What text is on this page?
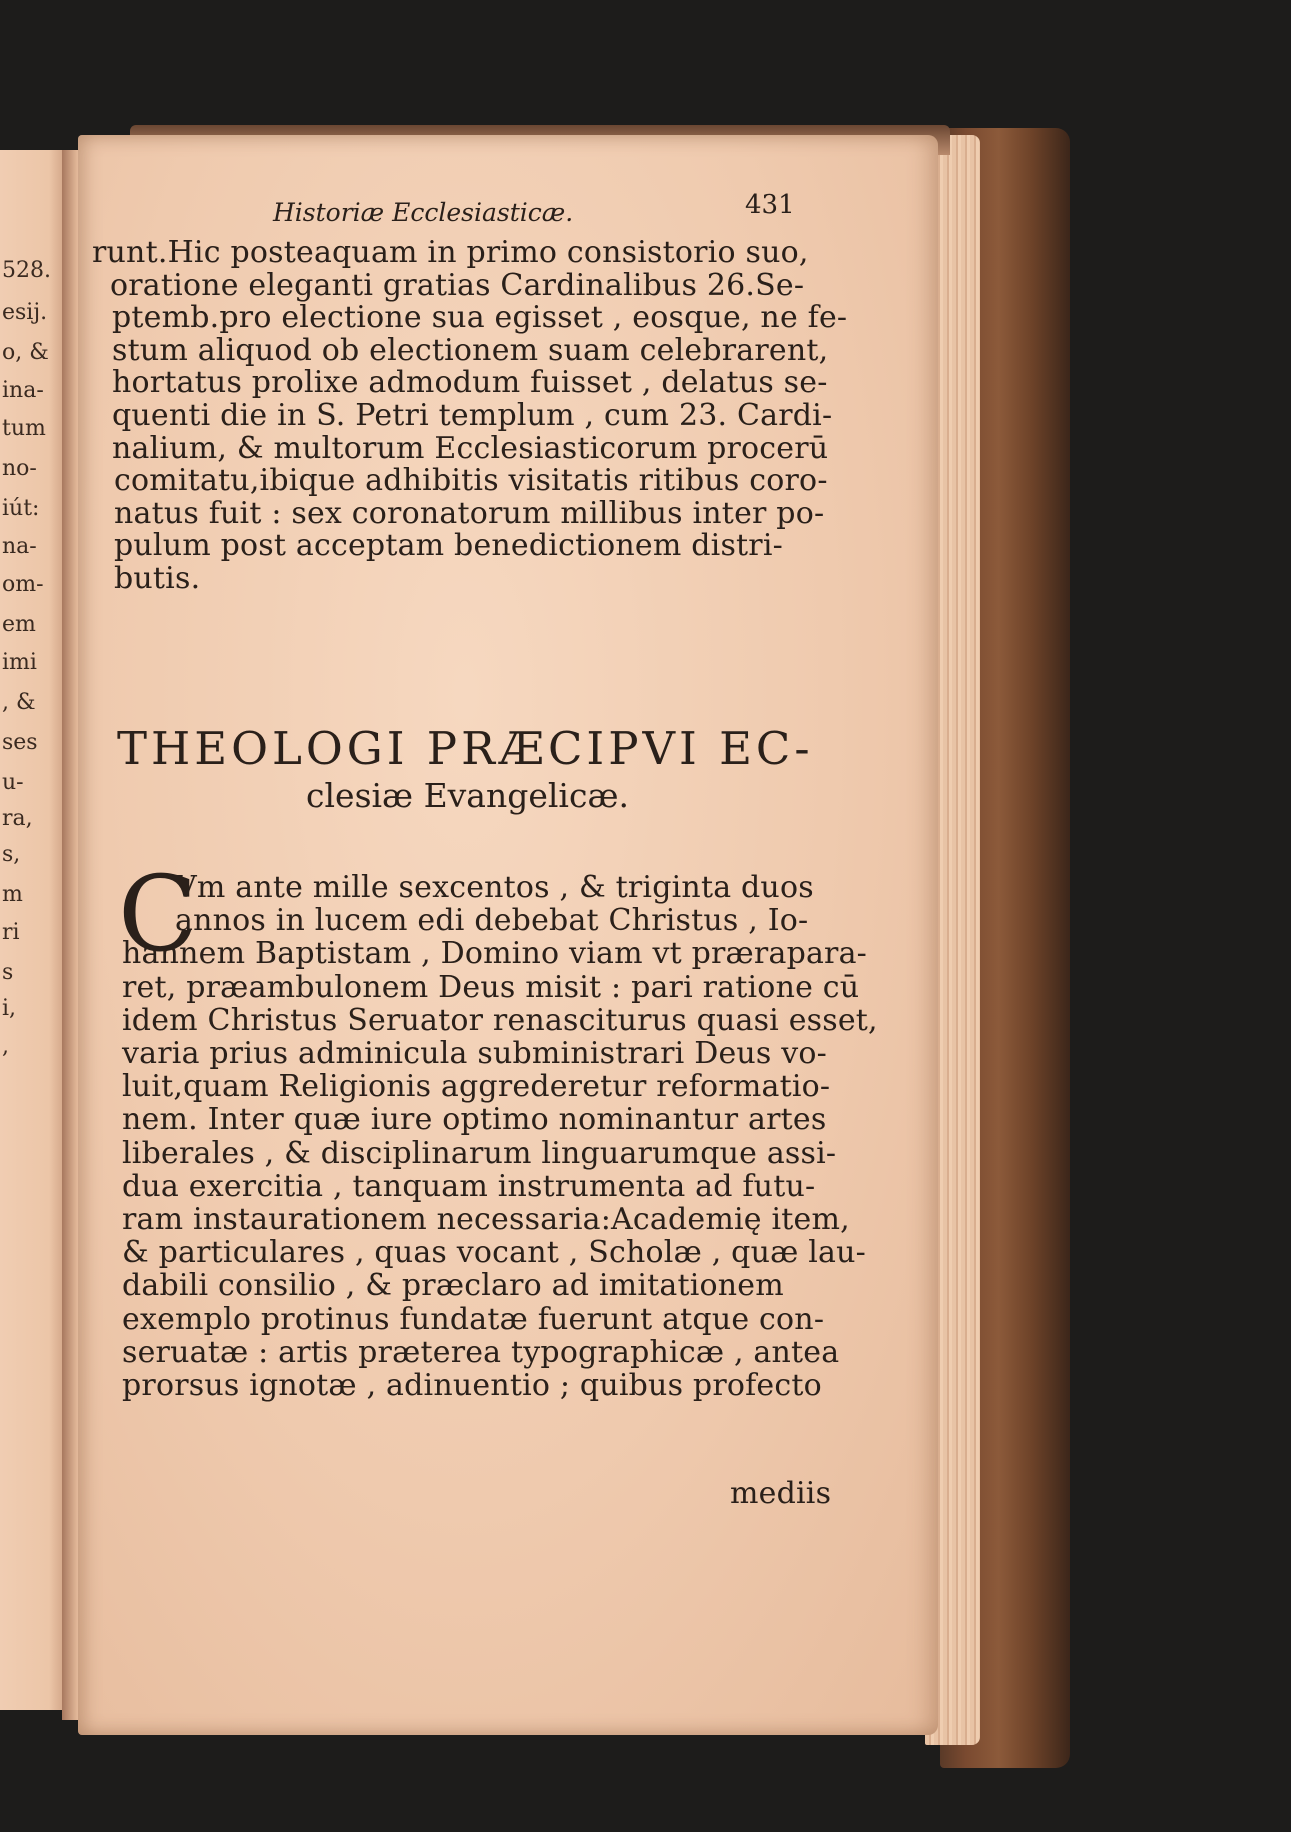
528.
esij.
o, &
ina-
tum
no-
iút:
na-
om-
em
imi
, &
ses
u-
ra,
s,
m
ri
s
i,
,
Historiæ Ecclesiasticæ.	431
runt.Hic posteaquam in primo consistorio suo,
oratione eleganti gratias Cardinalibus 26.Se-
ptemb.pro electione sua egisset , eosque, ne fe-
stum aliquod ob electionem suam celebrarent,
hortatus prolixe admodum fuisset , delatus se-
quenti die in S. Petri templum , cum 23. Cardi-
nalium, & multorum Ecclesiasticorum procerū
comitatu,ibique adhibitis visitatis ritibus coro-
natus fuit : sex coronatorum millibus inter po-
pulum post acceptam benedictionem distri-
butis.
THEOLOGI PRÆCIPVI EC-
clesiæ Evangelicæ.
C
Vm ante mille sexcentos , & triginta duos
annos in lucem edi debebat Christus , Io-
hannem Baptistam , Domino viam vt prærapara-
ret, præambulonem Deus misit : pari ratione cū
idem Christus Seruator renasciturus quasi esset,
varia prius adminicula subministrari Deus vo-
luit,quam Religionis aggrederetur reformatio-
nem. Inter quæ iure optimo nominantur artes
liberales , & disciplinarum linguarumque assi-
dua exercitia , tanquam instrumenta ad futu-
ram instaurationem necessaria:Academię item,
& particulares , quas vocant , Scholæ , quæ lau-
dabili consilio , & præclaro ad imitationem
exemplo protinus fundatæ fuerunt atque con-
seruatæ : artis præterea typographicæ , antea
prorsus ignotæ , adinuentio ; quibus profecto
mediis
